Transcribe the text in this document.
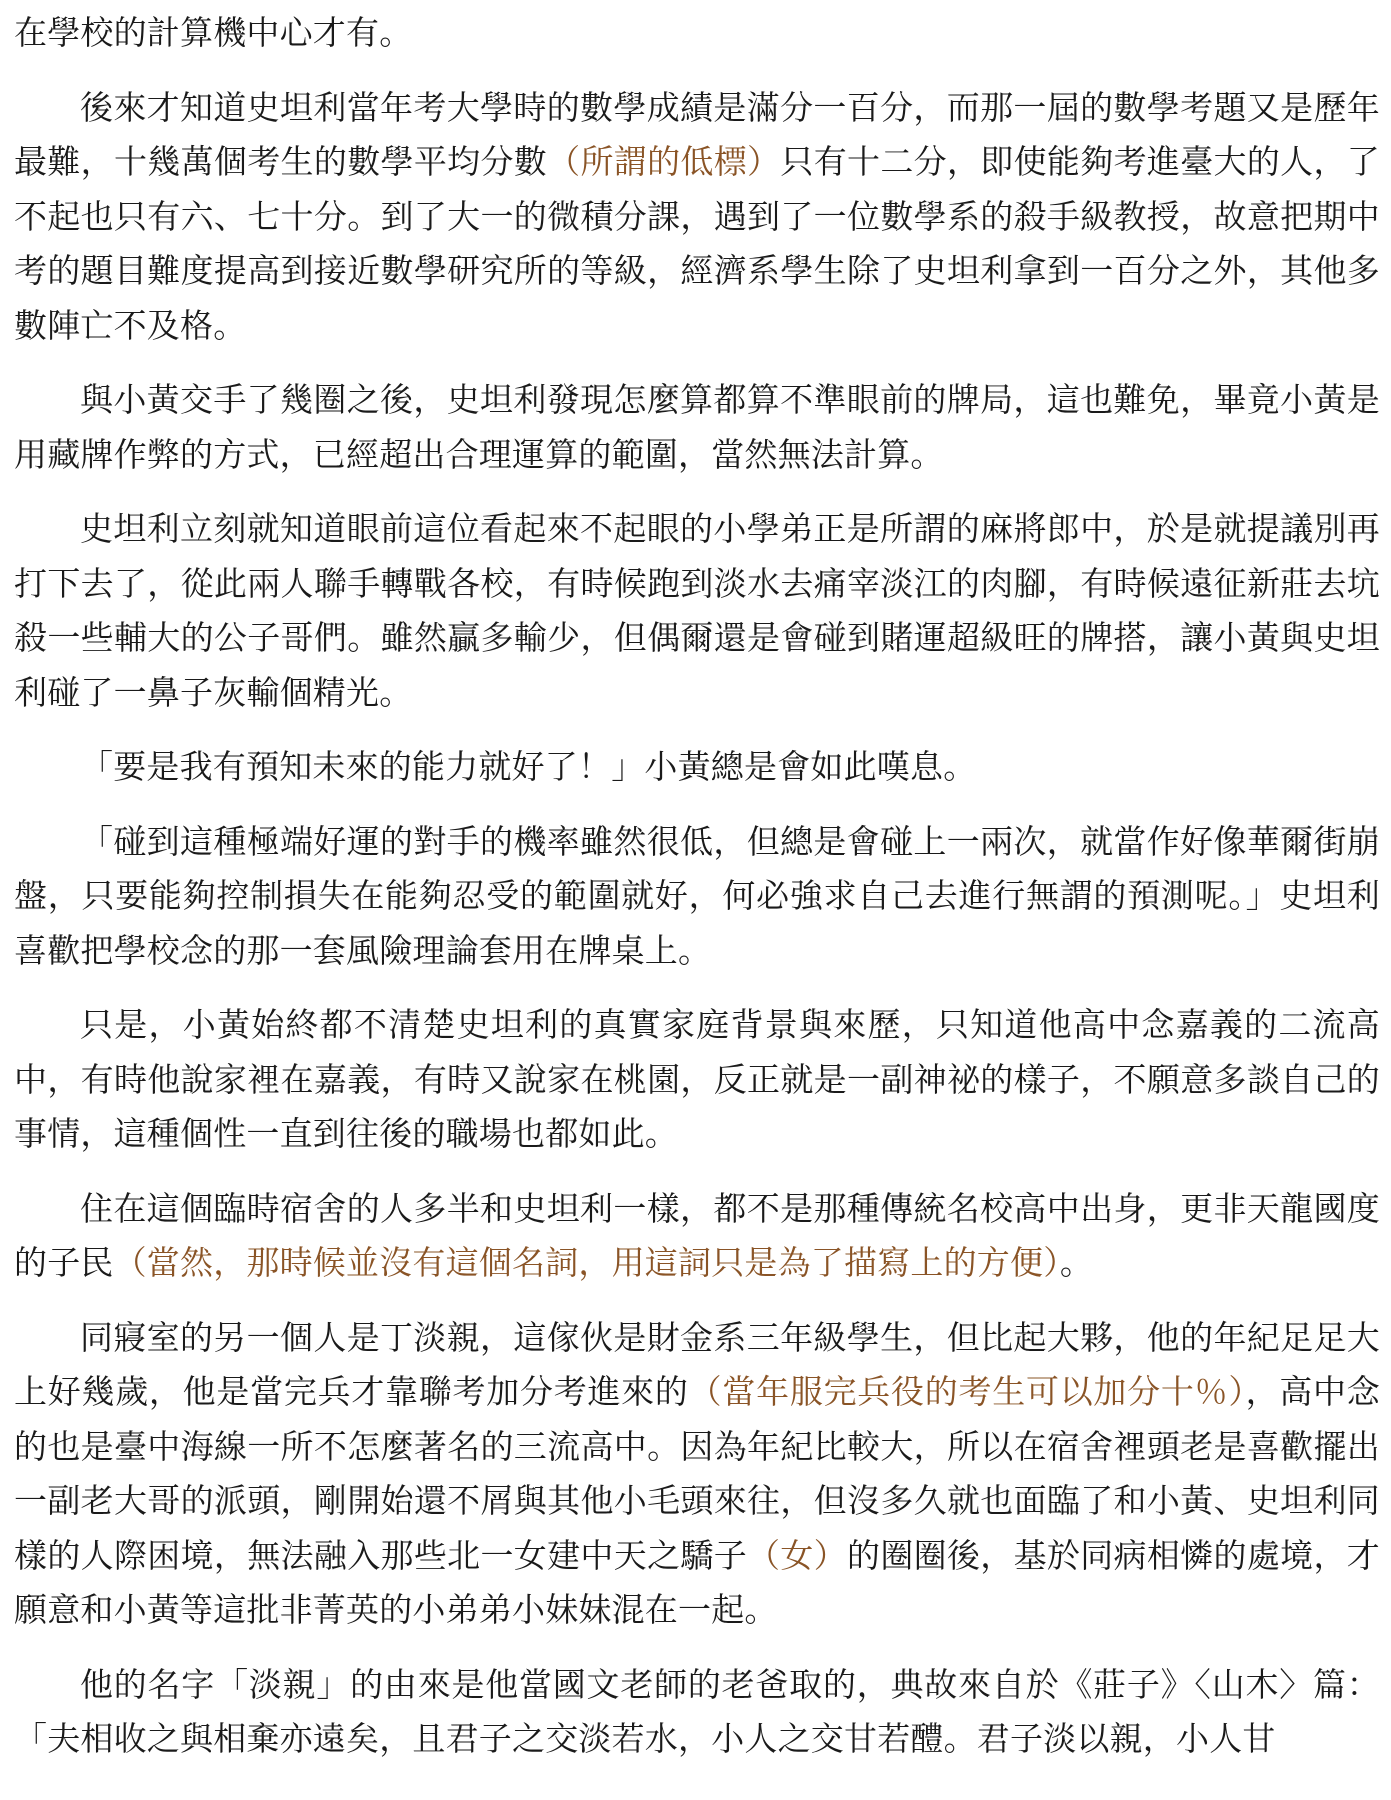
在學校的計算機中心才有。

後來才知道史坦利當年考大學時的數學成績是滿分一百分，而那一屆的數學考題又是歷年最難，十幾萬個考生的數學平均分數（所謂的低標）只有十二分，即使能夠考進臺大的人，了不起也只有六、七十分。到了大一的微積分課，遇到了一位數學系的殺手級教授，故意把期中考的題目難度提高到接近數學研究所的等級，經濟系學生除了史坦利拿到一百分之外，其他多數陣亡不及格。

與小黃交手了幾圈之後，史坦利發現怎麼算都算不準眼前的牌局，這也難免，畢竟小黃是用藏牌作弊的方式，已經超出合理運算的範圍，當然無法計算。

史坦利立刻就知道眼前這位看起來不起眼的小學弟正是所謂的麻將郎中，於是就提議別再打下去了，從此兩人聯手轉戰各校，有時候跑到淡水去痛宰淡江的肉腳，有時候遠征新莊去坑殺一些輔大的公子哥們。雖然贏多輸少，但偶爾還是會碰到賭運超級旺的牌搭，讓小黃與史坦利碰了一鼻子灰輸個精光。

「要是我有預知未來的能力就好了！」小黃總是會如此嘆息。

「碰到這種極端好運的對手的機率雖然很低，但總是會碰上一兩次，就當作好像華爾街崩盤，只要能夠控制損失在能夠忍受的範圍就好，何必強求自己去進行無謂的預測呢。」史坦利喜歡把學校念的那一套風險理論套用在牌桌上。

只是，小黃始終都不清楚史坦利的真實家庭背景與來歷，只知道他高中念嘉義的二流高中，有時他說家裡在嘉義，有時又說家在桃園，反正就是一副神祕的樣子，不願意多談自己的事情，這種個性一直到往後的職場也都如此。

住在這個臨時宿舍的人多半和史坦利一樣，都不是那種傳統名校高中出身，更非天龍國度的子民（當然，那時候並沒有這個名詞，用這詞只是為了描寫上的方便）。

同寢室的另一個人是丁淡親，這傢伙是財金系三年級學生，但比起大夥，他的年紀足足大上好幾歲，他是當完兵才靠聯考加分考進來的（當年服完兵役的考生可以加分十％），高中念的也是臺中海線一所不怎麼著名的三流高中。因為年紀比較大，所以在宿舍裡頭老是喜歡擺出一副老大哥的派頭，剛開始還不屑與其他小毛頭來往，但沒多久就也面臨了和小黃、史坦利同樣的人際困境，無法融入那些北一女建中天之驕子（女）的圈圈後，基於同病相憐的處境，才願意和小黃等這批非菁英的小弟弟小妹妹混在一起。

他的名字「淡親」的由來是他當國文老師的老爸取的，典故來自於《莊子》〈山木〉篇：「夫相收之與相棄亦遠矣，且君子之交淡若水，小人之交甘若醴。君子淡以親，小人甘
